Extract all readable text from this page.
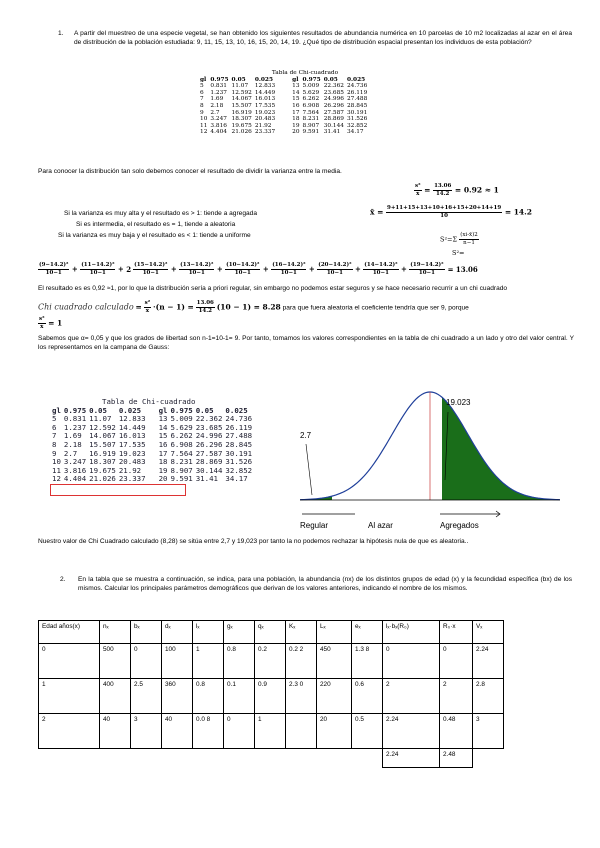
1. A partir del muestreo de una especie vegetal, se han obtenido los siguientes resultados de abundancia numérica en 10 parcelas de 10 m2 localizadas al azar en el área de distribución de la población estudiada: 9, 11, 15, 13, 10, 16, 15, 20, 14, 19. ¿Qué tipo de distribución espacial presentan los individuos de esta población?
Tabla de Chi-cuadrado
gl	0.975	0.05	0.025
5	0.831	11.07	12.833
6	1.237	12.592	14.449
7	1.69	14.067	16.013
8	2.18	15.507	17.535
9	2.7	16.919	19.023
10	3.247	18.307	20.483
11	3.816	19.675	21.92
12	4.404	21.026	23.337
gl	0.975	0.05	0.025
13	5.009	22.362	24.736
14	5.629	23.685	26.119
15	6.262	24.996	27.488
16	6.908	26.296	28.845
17	7.564	27.587	30.191
18	8.231	28.869	31.526
19	8.907	30.144	32.852
20	9.591	31.41	34.17
Para conocer la distribución tan solo debemos conocer el resultado de dividir la varianza entre la media.
$\frac{\text{s²}}{x̄} = \frac{13.06}{14.2} = 0.92 \approx 1$
Si la varianza es muy alta y el resultado es > 1: tiende a agregada
Si es intermedia, el resultado es = 1, tiende a aleatoria
Si la varianza es muy baja y el resultado es < 1: tiende a uniforme
x̄ = $\frac{9+11+15+13+10+16+15+20+14+19}{10} = 14.2$
$S^2=\Sigma \frac{(xi-x̄)2}{n-1}$
S²=
$\frac{\text{(9−14.2)²}}{10-1} + \frac{\text{(11−14.2)²}}{10-1} + 2 \frac{\text{(15−14.2)²}}{10-1} + \frac{\text{(13−14.2)²}}{10-1} + \frac{\text{(10−14.2)²}}{10-1} + \frac{\text{(16−14.2)²}}{10-1} + \frac{\text{(20−14.2)²}}{10-1} + \frac{\text{(14−14.2)²}}{10-1} + \frac{\text{(19−14.2)²}}{10-1} = 13.06$
El resultado es es 0,92 ≈1, por lo que la distribución sería a priori regular, sin embargo no podemos estar seguros y se hace necesario recurrir a un chi cuadrado
Chi cuadrado calculado = $\frac{\text{s²}}{x̄} \cdot(n - 1) = \frac{13.06}{14.2} (10 - 1) = 8.28$ para que fuera aleatoria el coeficiente tendría que ser 9, porque
$\frac{\text{s²}}{x̄} = 1$
Sabemos que α= 0,05 y que los grados de libertad son n-1=10-1= 9. Por tanto, tomamos los valores correspondientes en la tabla de chi cuadrado a un lado y otro del valor central. Y los representamos en la campana de Gauss:
Tabla de Chi-cuadrado
gl	0.975	0.05	0.025
5	0.831	11.07	12.833
6	1.237	12.592	14.449
7	1.69	14.067	16.013
8	2.18	15.507	17.535
9	2.7	16.919	19.023
10	3.247	18.307	20.483
11	3.816	19.675	21.92
12	4.404	21.026	23.337
gl	0.975	0.05	0.025
13	5.009	22.362	24.736
14	5.629	23.685	26.119
15	6.262	24.996	27.488
16	6.908	26.296	28.845
17	7.564	27.587	30.191
18	8.231	28.869	31.526
19	8.907	30.144	32.852
20	9.591	31.41	34.17
2.7
19.023
Regular	Al azar	Agregados
Nuestro valor de Chi Cuadrado calculado (8,28) se sitúa entre 2,7 y 19,023 por tanto la no podemos rechazar la hipótesis nula de que es aleatoria..
2. En la tabla que se muestra a continuación, se indica, para una población, la abundancia (nx) de los distintos grupos de edad (x) y la fecundidad específica (bx) de los mismos. Calcular los principales parámetros demográficos que derivan de los valores anteriores, indicando el nombre de los mismos.
Edad años(x)	nₓ	bₓ	dₓ	lₓ	gₓ	qₓ	Kₓ	Lₓ	eₓ	lₓ·bₓ(R₀)	R₀·x	Vₓ
0	500	0	100	1	0.8	0.2	0.2 2	450	1.3 8	0	0	2.24
1	400	2.5	360	0.8	0.1	0.9	2.3 0	220	0.6	2	2	2.8
2	40	3	40	0.0 8	0	1		20	0.5	2.24	0.48	3
										2.24	2.48	
